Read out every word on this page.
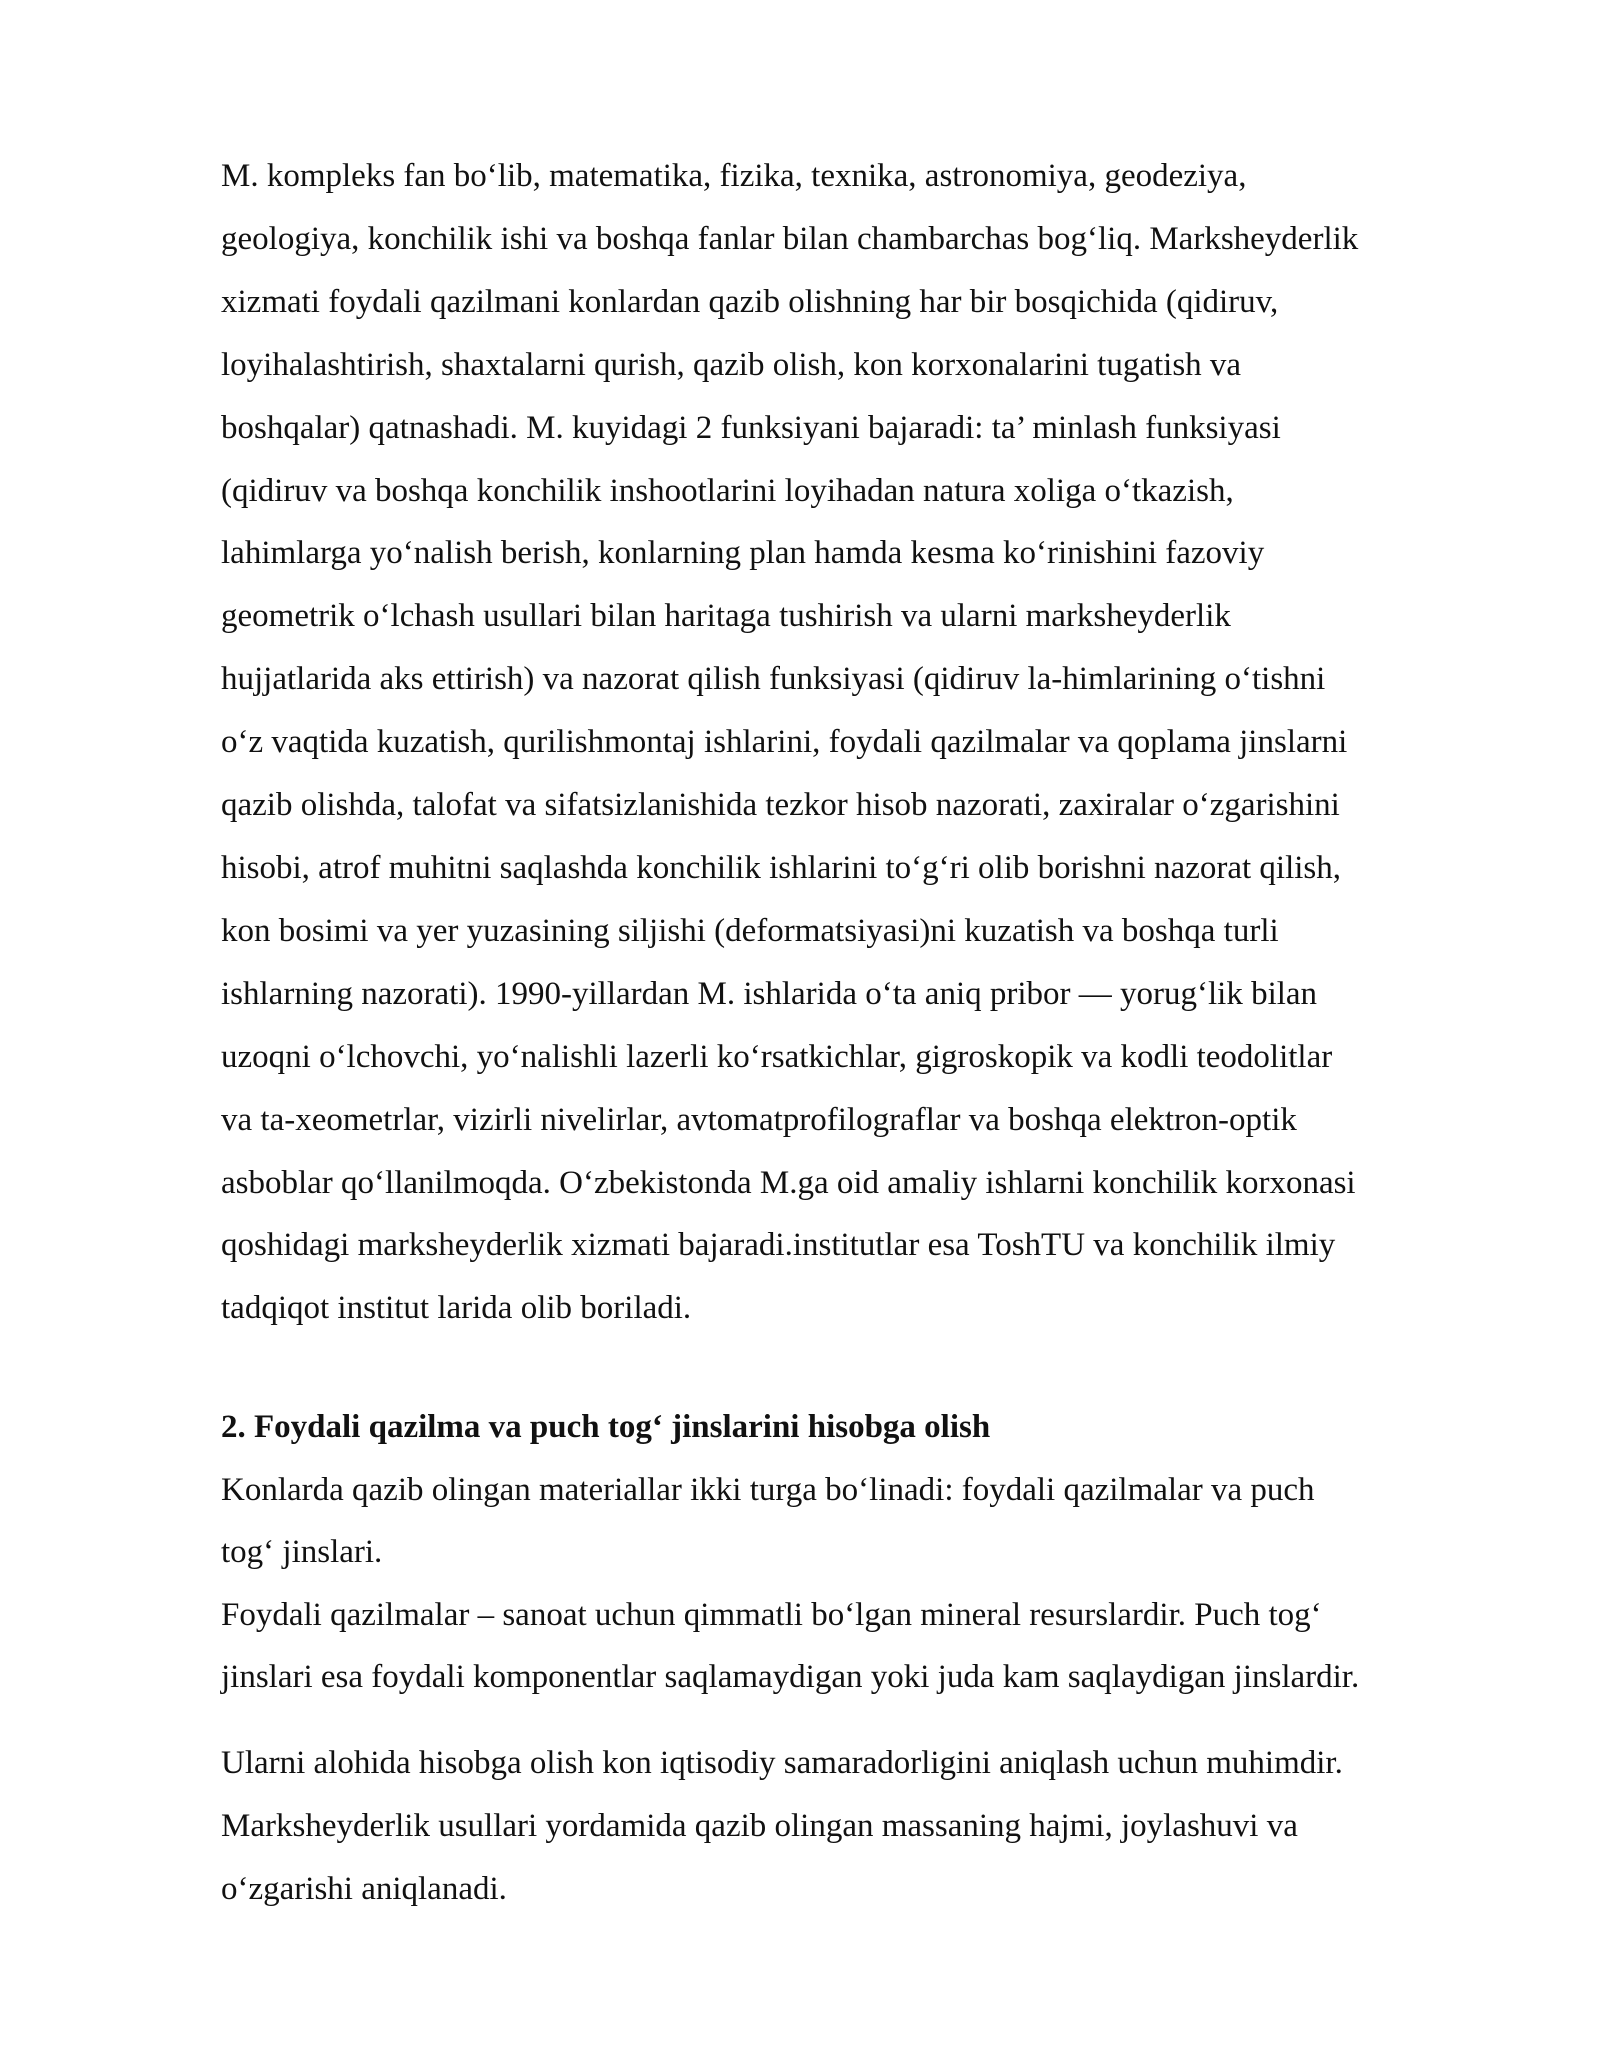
M. kompleks fan bo‘lib, matematika, fizika, texnika, astronomiya, geodeziya,
geologiya, konchilik ishi va boshqa fanlar bilan chambarchas bog‘liq. Marksheyderlik
xizmati foydali qazilmani konlardan qazib olishning har bir bosqichida (qidiruv,
loyihalashtirish, shaxtalarni qurish, qazib olish, kon korxonalarini tugatish va
boshqalar) qatnashadi. M. kuyidagi 2 funksiyani bajaradi: ta’ minlash funksiyasi
(qidiruv va boshqa konchilik inshootlarini loyihadan natura xoliga o‘tkazish,
lahimlarga yo‘nalish berish, konlarning plan hamda kesma ko‘rinishini fazoviy
geometrik o‘lchash usullari bilan haritaga tushirish va ularni marksheyderlik
hujjatlarida aks ettirish) va nazorat qilish funksiyasi (qidiruv la-himlarining o‘tishni
o‘z vaqtida kuzatish, qurilishmontaj ishlarini, foydali qazilmalar va qoplama jinslarni
qazib olishda, talofat va sifatsizlanishida tezkor hisob nazorati, zaxiralar o‘zgarishini
hisobi, atrof muhitni saqlashda konchilik ishlarini to‘g‘ri olib borishni nazorat qilish,
kon bosimi va yer yuzasining siljishi (deformatsiyasi)ni kuzatish va boshqa turli
ishlarning nazorati). 1990-yillardan M. ishlarida o‘ta aniq pribor — yorug‘lik bilan
uzoqni o‘lchovchi, yo‘nalishli lazerli ko‘rsatkichlar, gigroskopik va kodli teodolitlar
va ta-xeometrlar, vizirli nivelirlar, avtomatprofilograflar va boshqa elektron-optik
asboblar qo‘llanilmoqda. O‘zbekistonda M.ga oid amaliy ishlarni konchilik korxonasi
qoshidagi marksheyderlik xizmati bajaradi.institutlar esa ToshTU va konchilik ilmiy
tadqiqot institut larida olib boriladi.
2. Foydali qazilma va puch tog‘ jinslarini hisobga olish
Konlarda qazib olingan materiallar ikki turga bo‘linadi: foydali qazilmalar va puch
tog‘ jinslari.
Foydali qazilmalar – sanoat uchun qimmatli bo‘lgan mineral resurslardir. Puch tog‘
jinslari esa foydali komponentlar saqlamaydigan yoki juda kam saqlaydigan jinslardir.
Ularni alohida hisobga olish kon iqtisodiy samaradorligini aniqlash uchun muhimdir.
Marksheyderlik usullari yordamida qazib olingan massaning hajmi, joylashuvi va
o‘zgarishi aniqlanadi.
